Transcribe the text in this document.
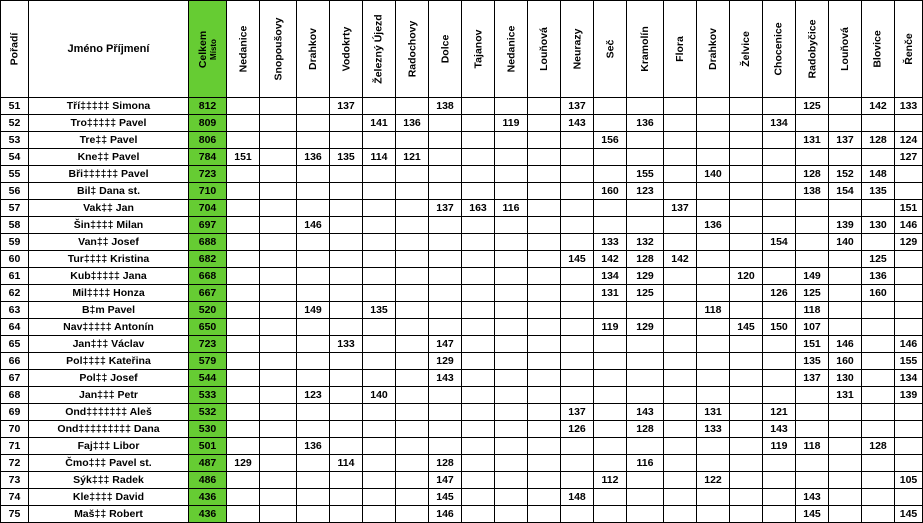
Pořadí	Jméno Příjmení	Celkem Místo	Nedanice	Snopoušovy	Drahkov	Vodokrty	Železný Újezd	Radochovy	Dolce	Tajanov	Nedanice	Louňová	Neurazy	Seč	Kramolín	Flora	Drahkov	Želvice	Chocenice	Radobyčice	Louňová	Blovice	Řenče	

51	Tří‡‡‡‡‡ Simona	812				137			138				137							125		142	133	
52	Tro‡‡‡‡‡ Pavel	809					141	136			119		143		136				134					
53	Tre‡‡ Pavel	806												156						131	137	128	124	
54	Kne‡‡ Pavel	784	151		136	135	114	121															127	
55	Bři‡‡‡‡‡‡ Pavel	723													155		140			128	152	148		
56	Bil‡ Dana st.	710												160	123					138	154	135		
57	Vak‡‡ Jan	704							137	163	116					137							151	
58	Šin‡‡‡‡ Milan	697			146												136				139	130	146	
59	Van‡‡ Josef	688												133	132				154		140		129	
60	Tur‡‡‡‡ Kristina	682											145	142	128	142						125		
61	Kub‡‡‡‡‡ Jana	668												134	129			120		149		136		
62	Mil‡‡‡‡ Honza	667												131	125				126	125		160		
63	B‡m Pavel	520			149		135										118			118				
64	Nav‡‡‡‡‡ Antonín	650												119	129			145	150	107				
65	Jan‡‡‡ Václav	723				133			147											151	146		146	
66	Pol‡‡‡‡ Kateřina	579							129											135	160		155	
67	Pol‡‡ Josef	544							143											137	130		134	
68	Jan‡‡‡ Petr	533			123		140														131		139	
69	Ond‡‡‡‡‡‡‡ Aleš	532											137		143		131		121					
70	Ond‡‡‡‡‡‡‡‡‡ Dana	530											126		128		133		143					
71	Faj‡‡‡ Libor	501			136														119	118		128		
72	Čmo‡‡‡ Pavel st.	487	129			114			128						116									
73	Sýk‡‡‡ Radek	486							147					112			122						105	
74	Kle‡‡‡‡ David	436							145				148							143				
75	Maš‡‡ Robert	436							146											145			145	
